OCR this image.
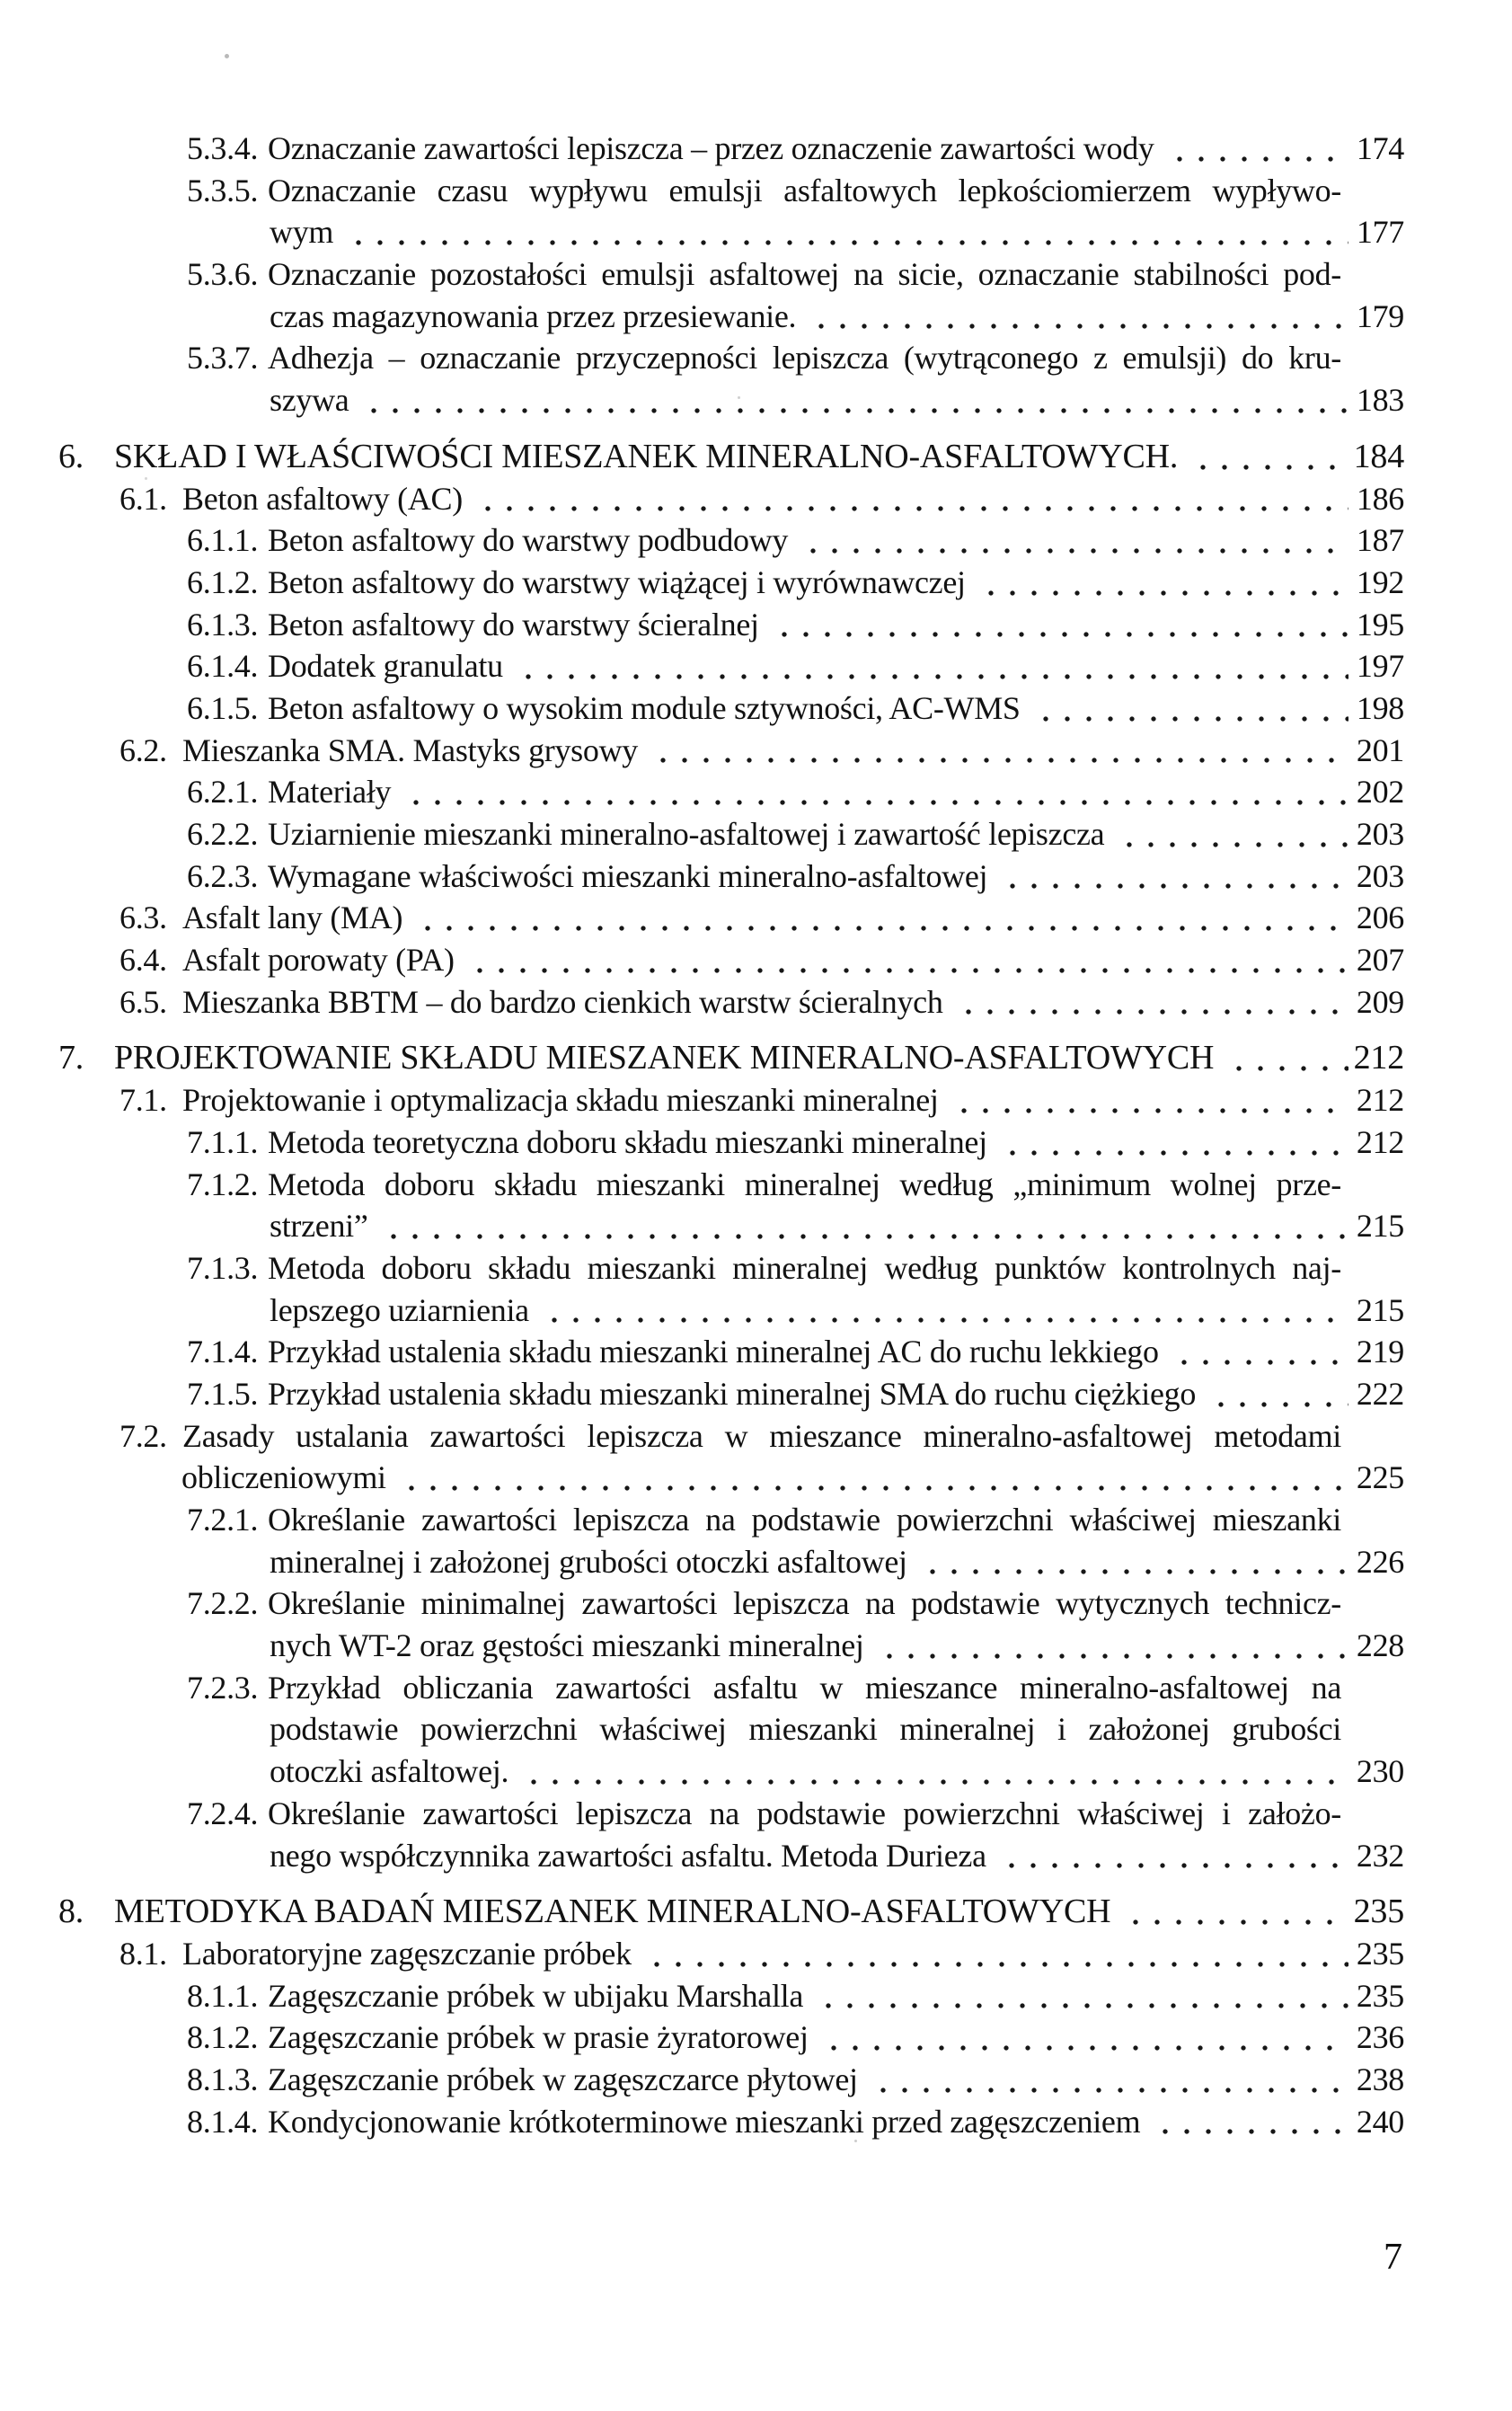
5.3.4. Oznaczanie zawartości lepiszcza – przez oznaczenie zawartości wody	174
5.3.5. Oznaczanie czasu wypływu emulsji asfaltowych lepkościomierzem wypływo-
wym	177
5.3.6. Oznaczanie pozostałości emulsji asfaltowej na sicie, oznaczanie stabilności pod-
czas magazynowania przez przesiewanie.	179
5.3.7. Adhezja – oznaczanie przyczepności lepiszcza (wytrąconego z emulsji) do kru-
szywa	183
6. SKŁAD I WŁAŚCIWOŚCI MIESZANEK MINERALNO-ASFALTOWYCH.	184
6.1. Beton asfaltowy (AC)	186
6.1.1. Beton asfaltowy do warstwy podbudowy	187
6.1.2. Beton asfaltowy do warstwy wiążącej i wyrównawczej	192
6.1.3. Beton asfaltowy do warstwy ścieralnej	195
6.1.4. Dodatek granulatu	197
6.1.5. Beton asfaltowy o wysokim module sztywności, AC-WMS	198
6.2. Mieszanka SMA. Mastyks grysowy	201
6.2.1. Materiały	202
6.2.2. Uziarnienie mieszanki mineralno-asfaltowej i zawartość lepiszcza	203
6.2.3. Wymagane właściwości mieszanki mineralno-asfaltowej	203
6.3. Asfalt lany (MA)	206
6.4. Asfalt porowaty (PA)	207
6.5. Mieszanka BBTM – do bardzo cienkich warstw ścieralnych	209
7. PROJEKTOWANIE SKŁADU MIESZANEK MINERALNO-ASFALTOWYCH	212
7.1. Projektowanie i optymalizacja składu mieszanki mineralnej	212
7.1.1. Metoda teoretyczna doboru składu mieszanki mineralnej	212
7.1.2. Metoda doboru składu mieszanki mineralnej według „minimum wolnej prze-
strzeni”	215
7.1.3. Metoda doboru składu mieszanki mineralnej według punktów kontrolnych naj-
lepszego uziarnienia	215
7.1.4. Przykład ustalenia składu mieszanki mineralnej AC do ruchu lekkiego	219
7.1.5. Przykład ustalenia składu mieszanki mineralnej SMA do ruchu ciężkiego	222
7.2. Zasady ustalania zawartości lepiszcza w mieszance mineralno-asfaltowej metodami
obliczeniowymi	225
7.2.1. Określanie zawartości lepiszcza na podstawie powierzchni właściwej mieszanki
mineralnej i założonej grubości otoczki asfaltowej	226
7.2.2. Określanie minimalnej zawartości lepiszcza na podstawie wytycznych technicz-
nych WT-2 oraz gęstości mieszanki mineralnej	228
7.2.3. Przykład obliczania zawartości asfaltu w mieszance mineralno-asfaltowej na
podstawie powierzchni właściwej mieszanki mineralnej i założonej grubości
otoczki asfaltowej.	230
7.2.4. Określanie zawartości lepiszcza na podstawie powierzchni właściwej i założo-
nego współczynnika zawartości asfaltu. Metoda Durieza	232
8. METODYKA BADAŃ MIESZANEK MINERALNO-ASFALTOWYCH	235
8.1. Laboratoryjne zagęszczanie próbek	235
8.1.1. Zagęszczanie próbek w ubijaku Marshalla	235
8.1.2. Zagęszczanie próbek w prasie żyratorowej	236
8.1.3. Zagęszczanie próbek w zagęszczarce płytowej	238
8.1.4. Kondycjonowanie krótkoterminowe mieszanki przed zagęszczeniem	240
7
